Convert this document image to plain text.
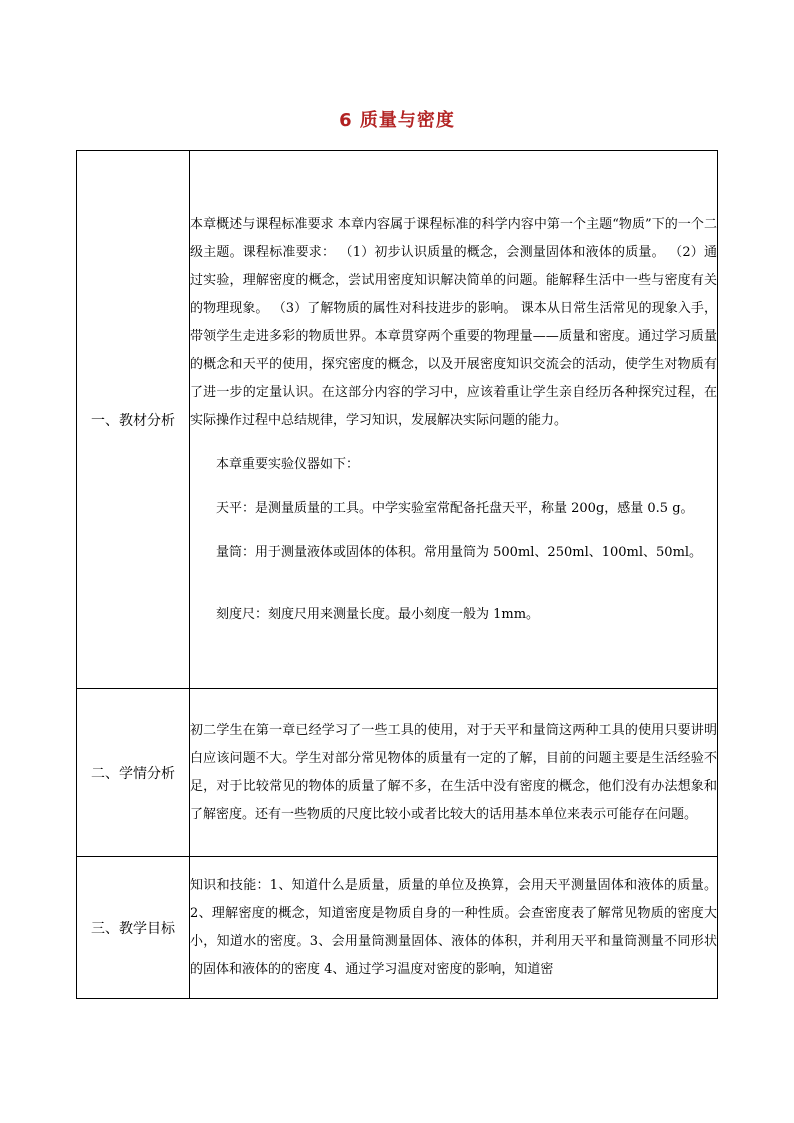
6 质量与密度
一、教材分析	本章概述与课程标准要求 本章内容属于课程标准的科学内容中第一个主题“物质”下的一个二级主题。课程标准要求： （1）初步认识质量的概念，会测量固体和液体的质量。 （2）通过实验，理解密度的概念，尝试用密度知识解决简单的问题。能解释生活中一些与密度有关的物理现象。 （3）了解物质的属性对科技进步的影响。 课本从日常生活常见的现象入手，带领学生走进多彩的物质世界。本章贯穿两个重要的物理量——质量和密度。通过学习质量的概念和天平的使用，探究密度的概念，以及开展密度知识交流会的活动，使学生对物质有了进一步的定量认识。在这部分内容的学习中，应该着重让学生亲自经历各种探究过程，在实际操作过程中总结规律，学习知识，发展解决实际问题的能力。

本章重要实验仪器如下：

天平：是测量质量的工具。中学实验室常配备托盘天平，称量 200g，感量 0.5 g。

量筒：用于测量液体或固体的体积。常用量筒为 500ml、250ml、100ml、50ml。

刻度尺：刻度尺用来测量长度。最小刻度一般为 1mm。

二、学情分析	初二学生在第一章已经学习了一些工具的使用，对于天平和量筒这两种工具的使用只要讲明白应该问题不大。学生对部分常见物体的质量有一定的了解，目前的问题主要是生活经验不足，对于比较常见的物体的质量了解不多，在生活中没有密度的概念，他们没有办法想象和了解密度。还有一些物质的尺度比较小或者比较大的话用基本单位来表示可能存在问题。
三、教学目标	知识和技能：1、知道什么是质量，质量的单位及换算，会用天平测量固体和液体的质量。2、理解密度的概念，知道密度是物质自身的一种性质。会查密度表了解常见物质的密度大小，知道水的密度。3、会用量筒测量固体、液体的体积，并利用天平和量筒测量不同形状的固体和液体的的密度 4、通过学习温度对密度的影响，知道密
